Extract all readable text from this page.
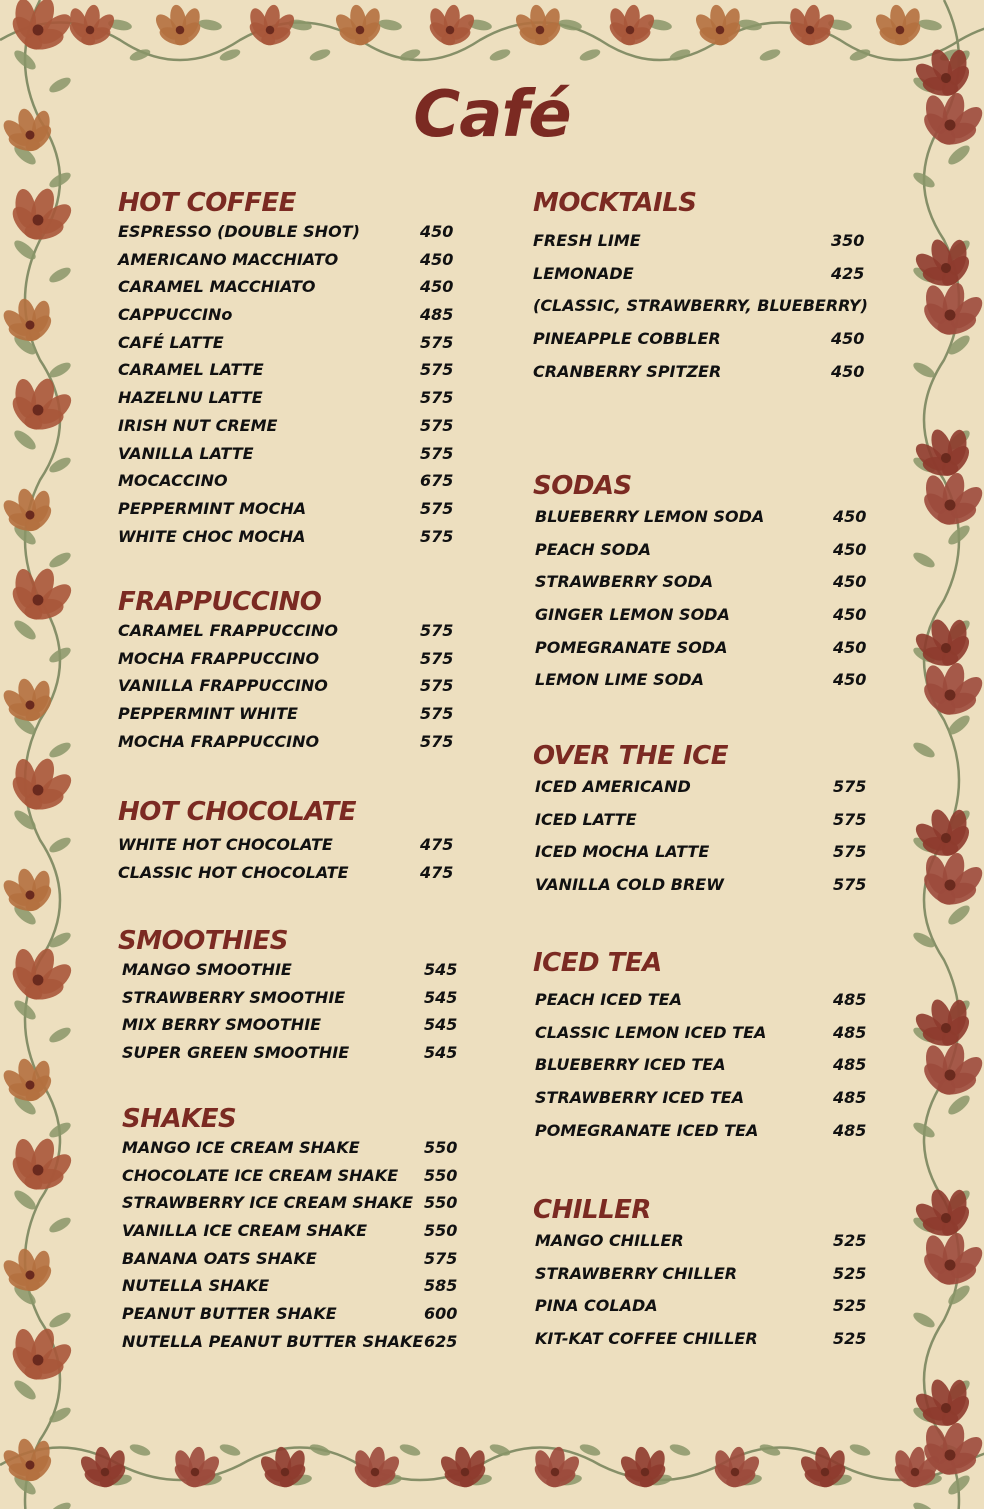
Café
HOT COFFEE
ESPRESSO (DOUBLE SHOT)	450
AMERICANO MACCHIATO	450
CARAMEL MACCHIATO	450
CAPPUCCINo	485
CAFÉ LATTE	575
CARAMEL LATTE	575
HAZELNU LATTE	575
IRISH NUT CREME	575
VANILLA LATTE	575
MOCACCINO	675
PEPPERMINT MOCHA	575
WHITE CHOC MOCHA	575
FRAPPUCCINO
CARAMEL FRAPPUCCINO	575
MOCHA FRAPPUCCINO	575
VANILLA FRAPPUCCINO	575
PEPPERMINT WHITE	575
MOCHA FRAPPUCCINO	575
HOT CHOCOLATE
WHITE HOT CHOCOLATE	475
CLASSIC HOT CHOCOLATE	475
SMOOTHIES
MANGO SMOOTHIE	545
STRAWBERRY SMOOTHIE	545
MIX BERRY SMOOTHIE	545
SUPER GREEN SMOOTHIE	545
SHAKES
MANGO ICE CREAM SHAKE	550
CHOCOLATE ICE CREAM SHAKE 550
STRAWBERRY ICE CREAM SHAKE 550
VANILLA ICE CREAM SHAKE	550
BANANA OATS SHAKE	575
NUTELLA SHAKE	585
PEANUT BUTTER SHAKE	600
NUTELLA PEANUT BUTTER SHAKE 625
MOCKTAILS
FRESH LIME	350
LEMONADE	425
(CLASSIC, STRAWBERRY, BLUEBERRY)
PINEAPPLE COBBLER	450
CRANBERRY SPITZER	450
SODAS
BLUEBERRY LEMON SODA	450
PEACH SODA	450
STRAWBERRY SODA	450
GINGER LEMON SODA	450
POMEGRANATE SODA	450
LEMON LIME SODA	450
OVER THE ICE
ICED AMERICAND	575
ICED LATTE	575
ICED MOCHA LATTE	575
VANILLA COLD BREW	575
ICED TEA
PEACH ICED TEA	485
CLASSIC LEMON ICED TEA	485
BLUEBERRY ICED TEA	485
STRAWBERRY ICED TEA	485
POMEGRANATE ICED TEA	485
CHILLER
MANGO CHILLER	525
STRAWBERRY CHILLER	525
PINA COLADA	525
KIT-KAT COFFEE CHILLER	525
